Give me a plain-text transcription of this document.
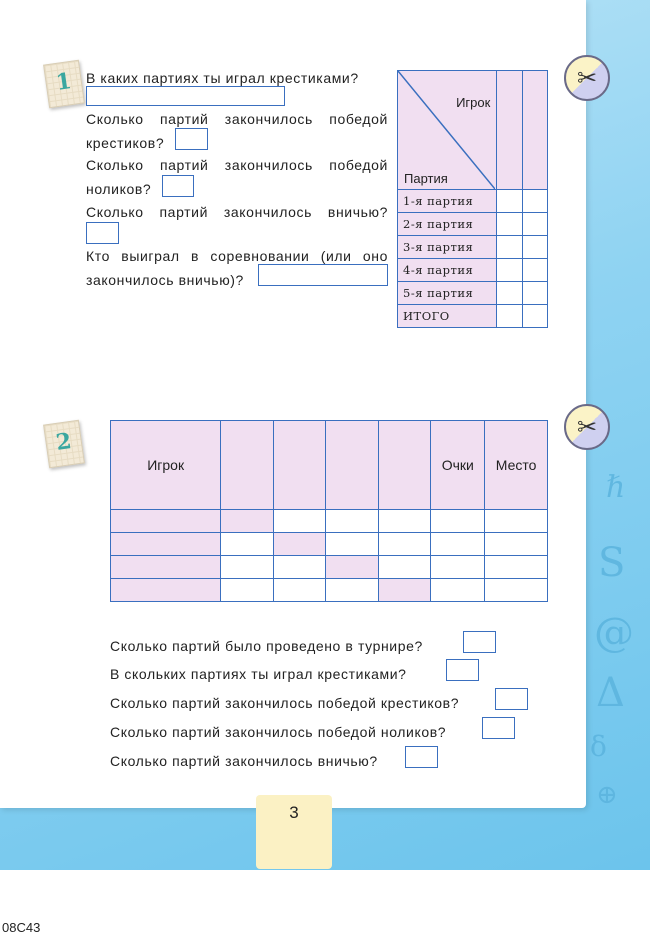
ℏ
S
@
Δ
δ
⊕
1	✂
В каких партиях ты играл крестиками?
Сколько партий закончилось победой
крестиков?
Сколько партий закончилось победой
ноликов?
Сколько партий закончилось вничью?
Кто выиграл в соревновании (или оно
закончилось вничью)?
Игрок
Партия		

1-я партия		
2-я партия		
3-я партия		
4-я партия		
5-я партия		
ИТОГО		
2
✂
Игрок					Очки	Место

Сколько партий было проведено в турнире?
В скольких партиях ты играл крестиками?
Сколько партий закончилось победой крестиков?
Сколько партий закончилось победой ноликов?
Сколько партий закончилось вничью?
3
08C43
